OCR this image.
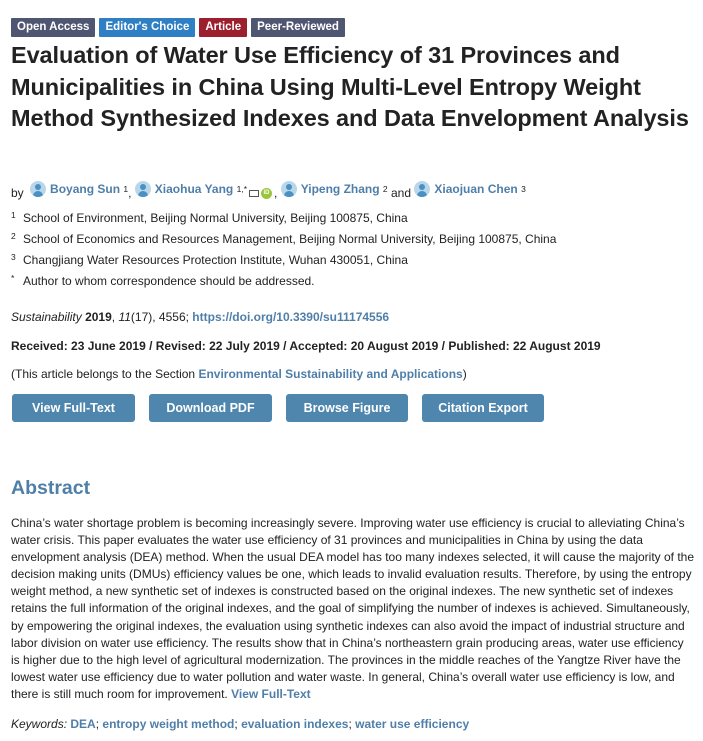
Open Access	Editor's Choice	Article	Peer-Reviewed
Evaluation of Water Use Efficiency of 31 Provinces and Municipalities in China Using Multi-Level Entropy Weight Method Synthesized Indexes and Data Envelopment Analysis
by Boyang Sun $^1$, Xiaohua Yang $^{1,*}$	iD , Yipeng Zhang $^2$ and Xiaojuan Chen $^3$
1 School of Environment, Beijing Normal University, Beijing 100875, China
2 School of Economics and Resources Management, Beijing Normal University, Beijing 100875, China
3 Changjiang Water Resources Protection Institute, Wuhan 430051, China
* Author to whom correspondence should be addressed.
Sustainability 2019, 11(17), 4556; https://doi.org/10.3390/su11174556
Received: 23 June 2019 / Revised: 22 July 2019 / Accepted: 20 August 2019 / Published: 22 August 2019
(This article belongs to the Section Environmental Sustainability and Applications)
View Full-Text	Download PDF	Browse Figure	Citation Export
Abstract
China’s water shortage problem is becoming increasingly severe. Improving water use efficiency is crucial to alleviating China’s water crisis. This paper evaluates the water use efficiency of 31 provinces and municipalities in China by using the data envelopment analysis (DEA) method. When the usual DEA model has too many indexes selected, it will cause the majority of the decision making units (DMUs) efficiency values be one, which leads to invalid evaluation results. Therefore, by using the entropy weight method, a new synthetic set of indexes is constructed based on the original indexes. The new synthetic set of indexes retains the full information of the original indexes, and the goal of simplifying the number of indexes is achieved. Simultaneously, by empowering the original indexes, the evaluation using synthetic indexes can also avoid the impact of industrial structure and labor division on water use efficiency. The results show that in China’s northeastern grain producing areas, water use efficiency is higher due to the high level of agricultural modernization. The provinces in the middle reaches of the Yangtze River have the lowest water use efficiency due to water pollution and water waste. In general, China’s overall water use efficiency is low, and there is still much room for improvement. View Full-Text
Keywords: DEA; entropy weight method; evaluation indexes; water use efficiency
